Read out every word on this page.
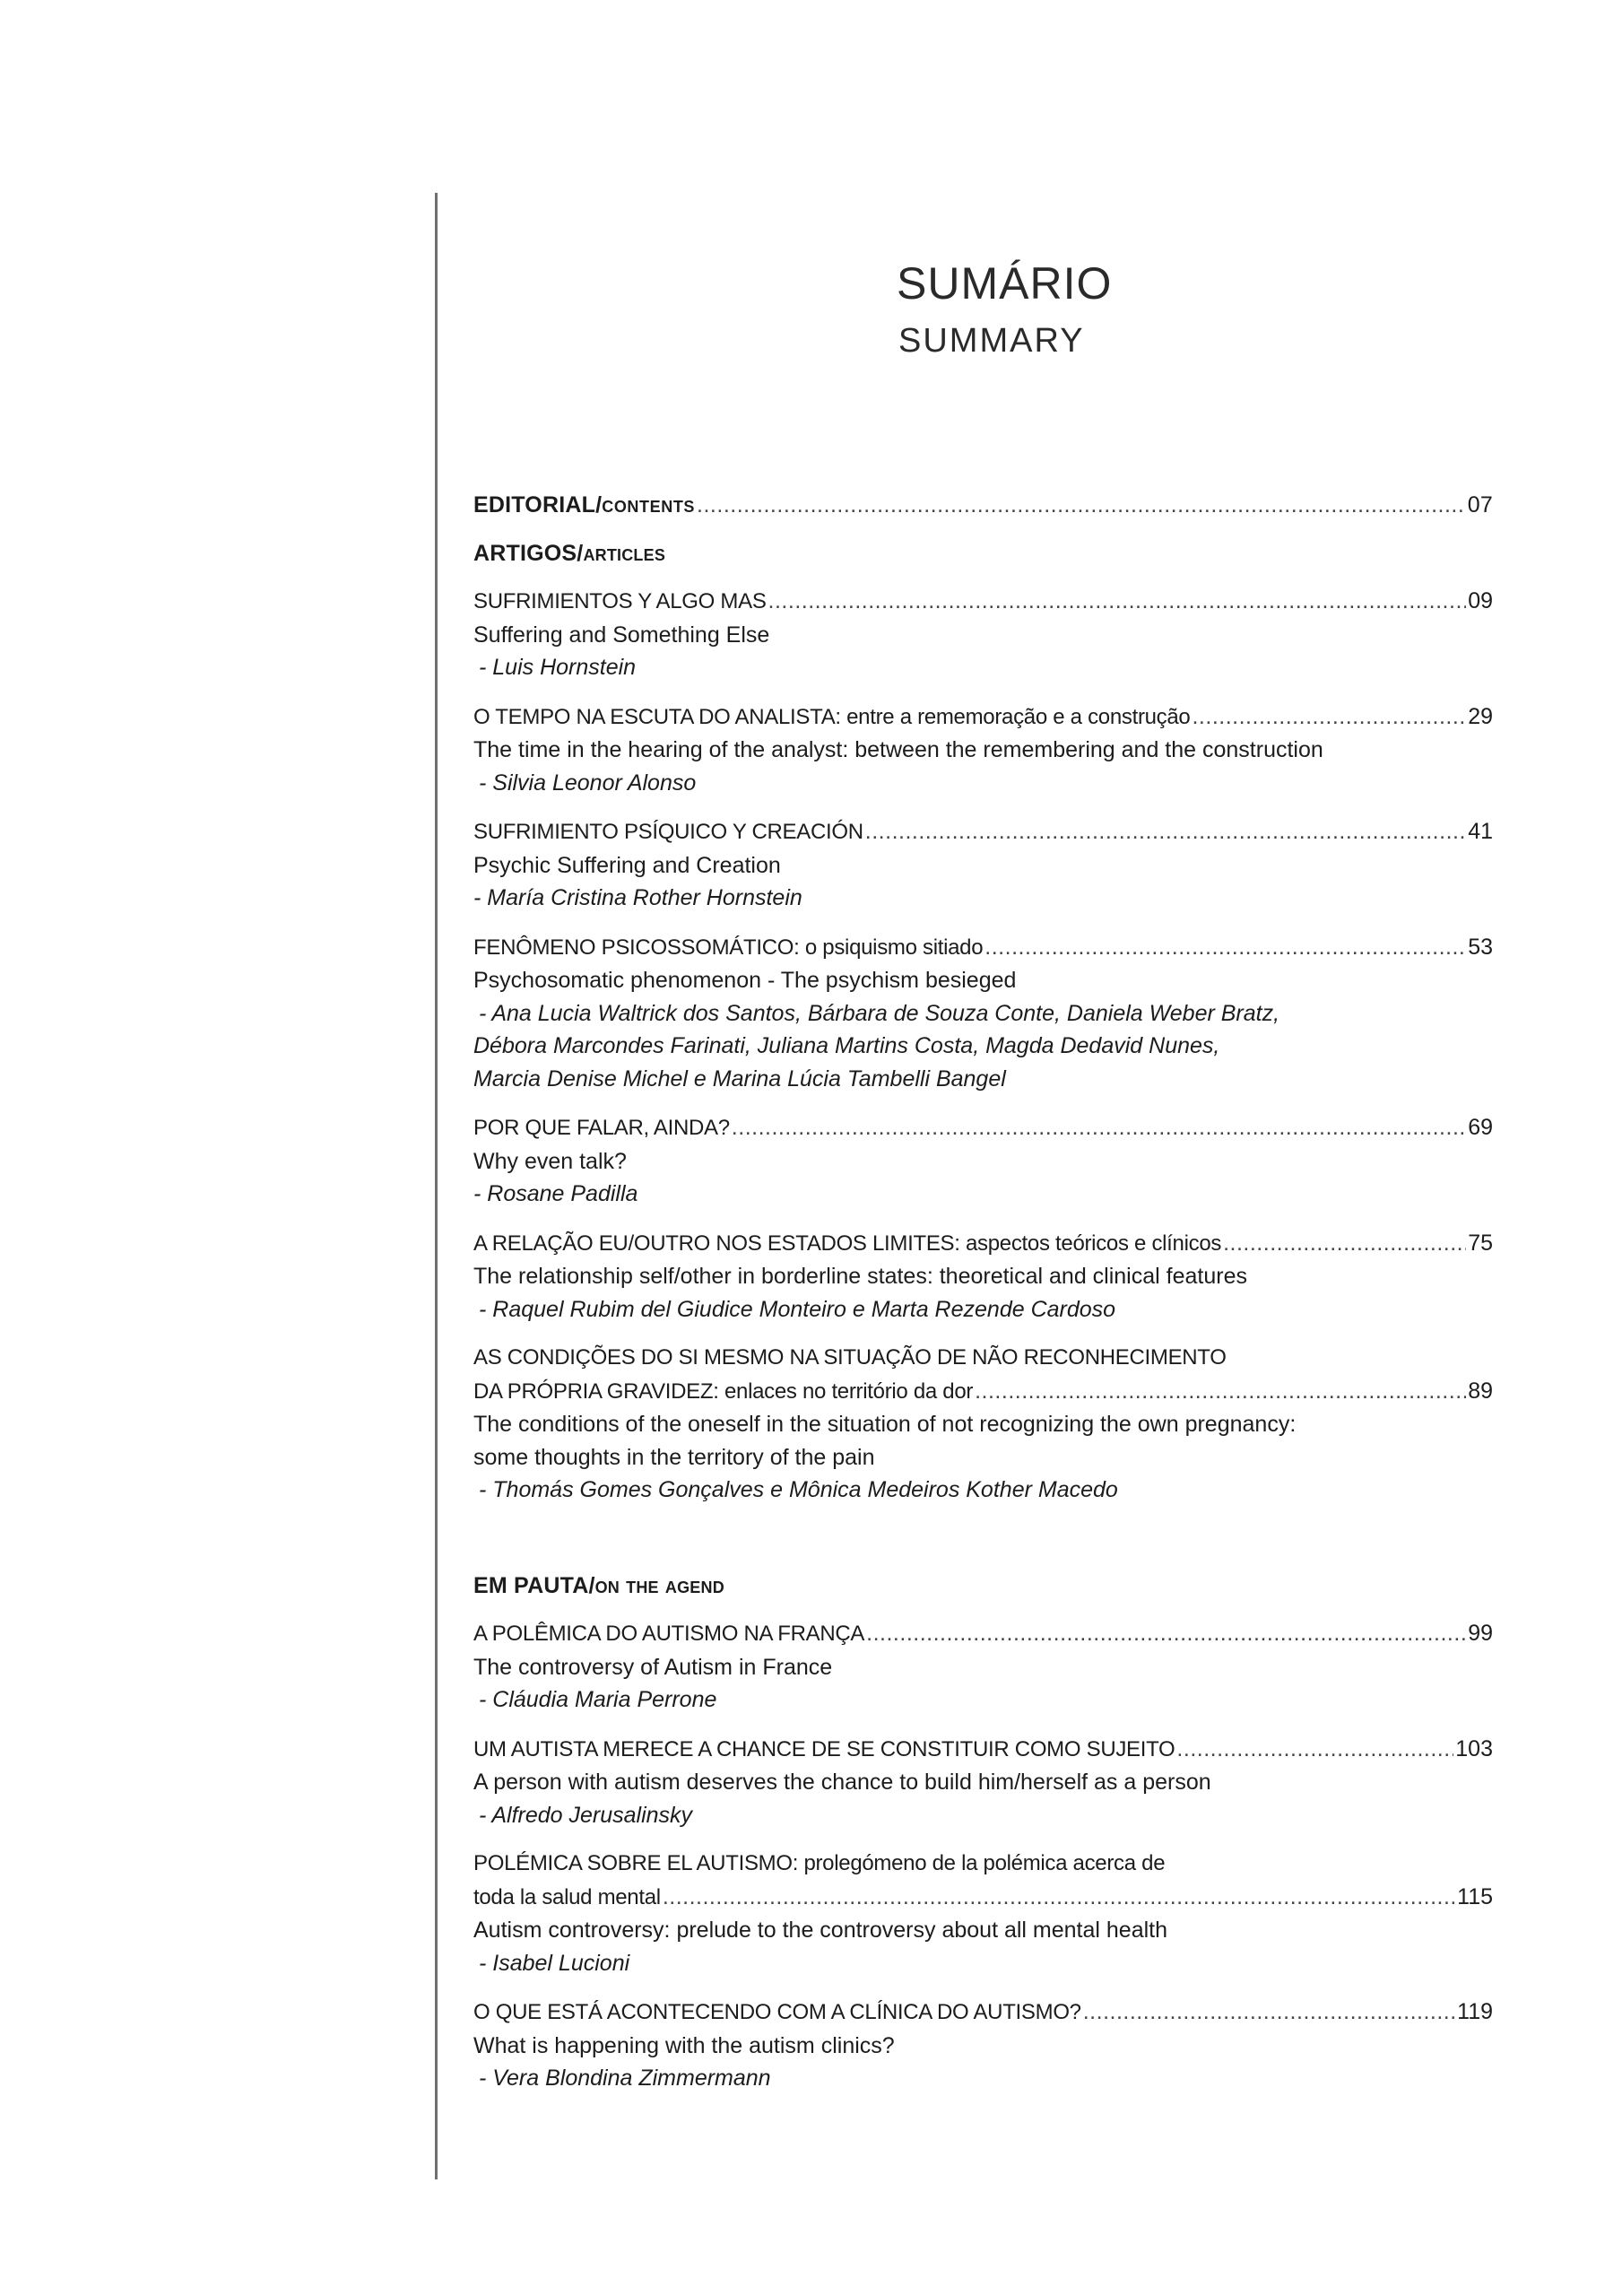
SUMÁRIO
SUMMARY
EDITORIAL/contents .....	07
ARTIGOS/ articles
SUFRIMIENTOS Y ALGO MAS .....	09
Suffering and Something Else
- Luis Hornstein
O TEMPO NA ESCUTA DO ANALISTA: entre a rememoração e a construção .....	29
The time in the hearing of the analyst: between the remembering and the construction
- Silvia Leonor Alonso
SUFRIMIENTO PSÍQUICO Y CREACIÓN .....	41
Psychic Suffering and Creation
- María Cristina Rother Hornstein
FENÔMENO PSICOSSOMÁTICO: o psiquismo sitiado .....	53
Psychosomatic phenomenon - The psychism besieged
- Ana Lucia Waltrick dos Santos, Bárbara de Souza Conte, Daniela Weber Bratz,
Débora Marcondes Farinati, Juliana Martins Costa, Magda Dedavid Nunes,
Marcia Denise Michel e Marina Lúcia Tambelli Bangel
POR QUE FALAR, AINDA? .....	69
Why even talk?
- Rosane Padilla
A RELAÇÃO EU/OUTRO NOS ESTADOS LIMITES: aspectos teóricos e clínicos .....	75
The relationship self/other in borderline states: theoretical and clinical features
- Raquel Rubim del Giudice Monteiro e Marta Rezende Cardoso
AS CONDIÇÕES DO SI MESMO NA SITUAÇÃO DE NÃO RECONHECIMENTO
DA PRÓPRIA GRAVIDEZ: enlaces no território da dor .....	89
The conditions of the oneself in the situation of not recognizing the own pregnancy:
some thoughts in the territory of the pain
- Thomás Gomes Gonçalves e Mônica Medeiros Kother Macedo
EM PAUTA/ on the agend
A POLÊMICA DO AUTISMO NA FRANÇA .....	99
The controversy of Autism in France
- Cláudia Maria Perrone
UM AUTISTA MERECE A CHANCE DE SE CONSTITUIR COMO SUJEITO .....	103
A person with autism deserves the chance to build him/herself as a person
- Alfredo Jerusalinsky
POLÉMICA SOBRE EL AUTISMO: prolegómeno de la polémica acerca de
toda la salud mental .....	115
Autism controversy: prelude to the controversy about all mental health
- Isabel Lucioni
O QUE ESTÁ ACONTECENDO COM A CLÍNICA DO AUTISMO? .....	119
What is happening with the autism clinics?
- Vera Blondina Zimmermann
